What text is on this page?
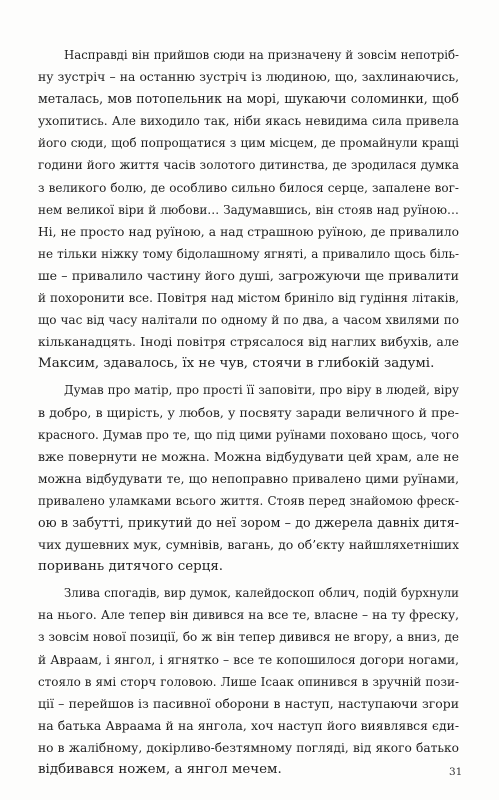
Насправді він прийшов сюди на призначену й зовсім непотріб-
ну зустріч – на останню зустріч із людиною, що, захлинаючись,
металась, мов потопельник на морі, шукаючи соломинки, щоб
ухопитись. Але виходило так, ніби якась невидима сила привела
його сюди, щоб попрощатися з цим місцем, де промайнули кращі
години його життя часів золотого дитинства, де зродилася думка
з великого болю, де особливо сильно билося серце, запалене вог-
нем великої віри й любови… Задумавшись, він стояв над руїною…
Ні, не просто над руїною, а над страшною руїною, де привалило
не тільки ніжку тому бідолашному ягняті, а привалило щось біль-
ше – привалило частину його душі, загрожуючи ще привалити
й похоронити все. Повітря над містом бриніло від гудіння літаків,
що час від часу налітали по одному й по два, а часом хвилями по
кільканадцять. Іноді повітря стрясалося від наглих вибухів, але
Максим, здавалось, їх не чув, стоячи в глибокій задумі.
Думав про матір, про прості її заповіти, про віру в людей, віру
в добро, в щирість, у любов, у посвяту заради величного й пре-
красного. Думав про те, що під цими руїнами поховано щось, чого
вже повернути не можна. Можна відбудувати цей храм, але не
можна відбудувати те, що непоправно привалено цими руїнами,
привалено уламками всього життя. Стояв перед знайомою фреск-
ою в забутті, прикутий до неї зором – до джерела давніх дитя-
чих душевних мук, сумнівів, вагань, до об’єкту найшляхетніших
поривань дитячого серця.
Злива спогадів, вир думок, калейдоскоп облич, подій бурхнули
на нього. Але тепер він дивився на все те, власне – на ту фреску,
з зовсім нової позиції, бо ж він тепер дивився не вгору, а вниз, де
й Авраам, і янгол, і ягнятко – все те копошилося догори ногами,
стояло в ямі сторч головою. Лише Ісаак опинився в зручній пози-
ції – перейшов із пасивної оборони в наступ, наступаючи згори
на батька Авраама й на янгола, хоч наступ його виявлявся єди-
но в жалібному, докірливо-безтямному погляді, від якого батько
відбивався ножем, а янгол мечем.	31
